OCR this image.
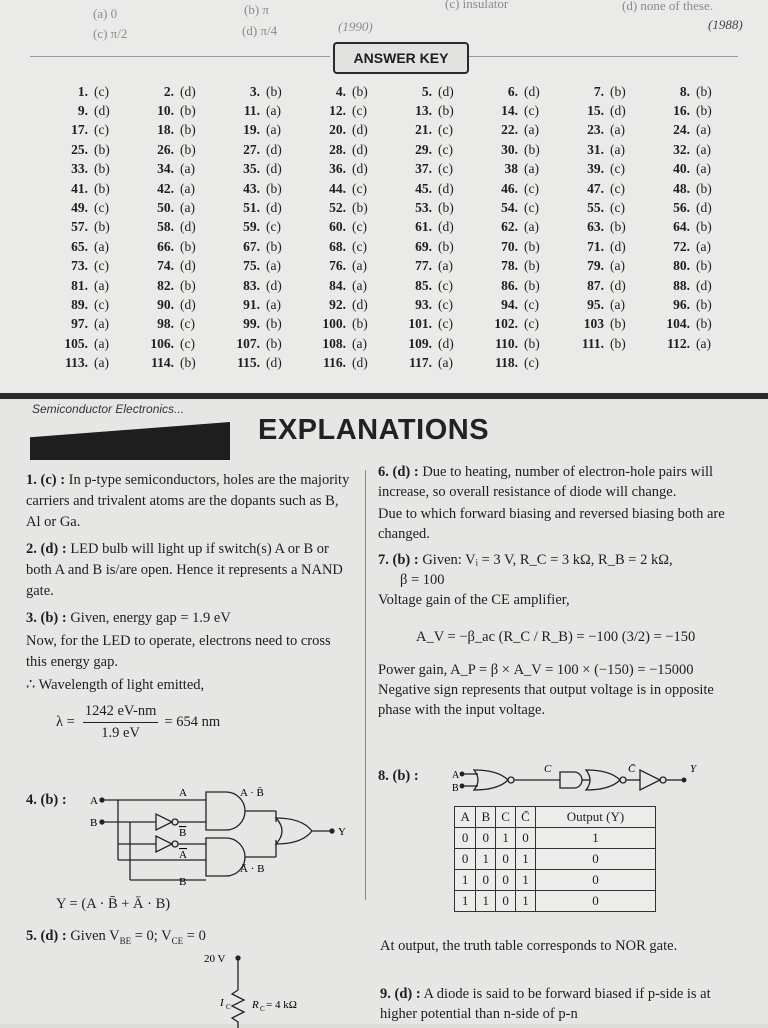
(a) 0	(b) π	(c) insulator	(d) none of these.
(c) π/2	(d) π/4	(1990)	(1988)
ANSWER KEY
1. (c)	2. (d)	3. (b)	4. (b)	5. (d)	6. (d)	7. (b)	8. (b)
9. (d)	10. (b)	11. (a)	12. (c)	13. (b)	14. (c)	15. (d)	16. (b)
17. (c)	18. (b)	19. (a)	20. (d)	21. (c)	22. (a)	23. (a)	24. (a)
25. (b)	26. (b)	27. (d)	28. (d)	29. (c)	30. (b)	31. (a)	32. (a)
33. (b)	34. (a)	35. (d)	36. (d)	37. (c)	38 (a)	39. (c)	40. (a)
41. (b)	42. (a)	43. (b)	44. (c)	45. (d)	46. (c)	47. (c)	48. (b)
49. (c)	50. (a)	51. (d)	52. (b)	53. (b)	54. (c)	55. (c)	56. (d)
57. (b)	58. (d)	59. (c)	60. (c)	61. (d)	62. (a)	63. (b)	64. (b)
65. (a)	66. (b)	67. (b)	68. (c)	69. (b)	70. (b)	71. (d)	72. (a)
73. (c)	74. (d)	75. (a)	76. (a)	77. (a)	78. (b)	79. (a)	80. (b)
81. (a)	82. (b)	83. (d)	84. (a)	85. (c)	86. (b)	87. (d)	88. (d)
89. (c)	90. (d)	91. (a)	92. (d)	93. (c)	94. (c)	95. (a)	96. (b)
97. (a)	98. (c)	99. (b)	100. (b)	101. (c)	102. (c)	103 (b)	104. (b)
105. (a)	106. (c)	107. (b)	108. (a)	109. (d)	110. (b)	111. (b)	112. (a)
113. (a)	114. (b)	115. (d)	116. (d)	117. (a)	118. (c)
Semiconductor Electronics...
EXPLANATIONS

1. (c) : In p-type semiconductors, holes are the majority carriers and trivalent atoms are the dopants such as B, Al or Ga.

2. (d) : LED bulb will light up if switch(s) A or B or both A and B is/are open. Hence it represents a NAND gate.

3. (b) : Given, energy gap = 1.9 eV

Now, for the LED to operate, electrons need to cross this energy gap.

∴ Wavelength of light emitted,

$\lambda = \frac{1242 eV-nm}{1.9 eV} = 654$ nm
4. (b) : A
B
A
B
A
B
A · B̄
Ā · B
Y
Y = (A · B̄ + Ā · B)
5. (d) : Given $V_{BE} = 0$; $V_{CE} = 0$
20 V
I C R C = 4 kΩ

6. (d) : Due to heating, number of electron-hole pairs will increase, so overall resistance of diode will change.

Due to which forward biasing and reversed biasing both are changed.

7. (b) : Given: Vᵢ = 3 V, R_C = 3 kΩ, R_B = 2 kΩ,

β = 100

Voltage gain of the CE amplifier,

A_V = −β_ac (R_C / R_B) = −100 (3/2) = −150

Power gain, A_P = β × A_V = 100 × (−150) = −15000

Negative sign represents that output voltage is in opposite phase with the input voltage.

8. (b) :	A
B
C	C̄	Y
A	B	C	C̄	Output (Y)
0	0	1	0	1
0	1	0	1	0
1	0	0	1	0
1	1	0	1	0

At output, the truth table corresponds to NOR gate.

9. (d) : A diode is said to be forward biased if p-side is at higher potential than n-side of p-n
